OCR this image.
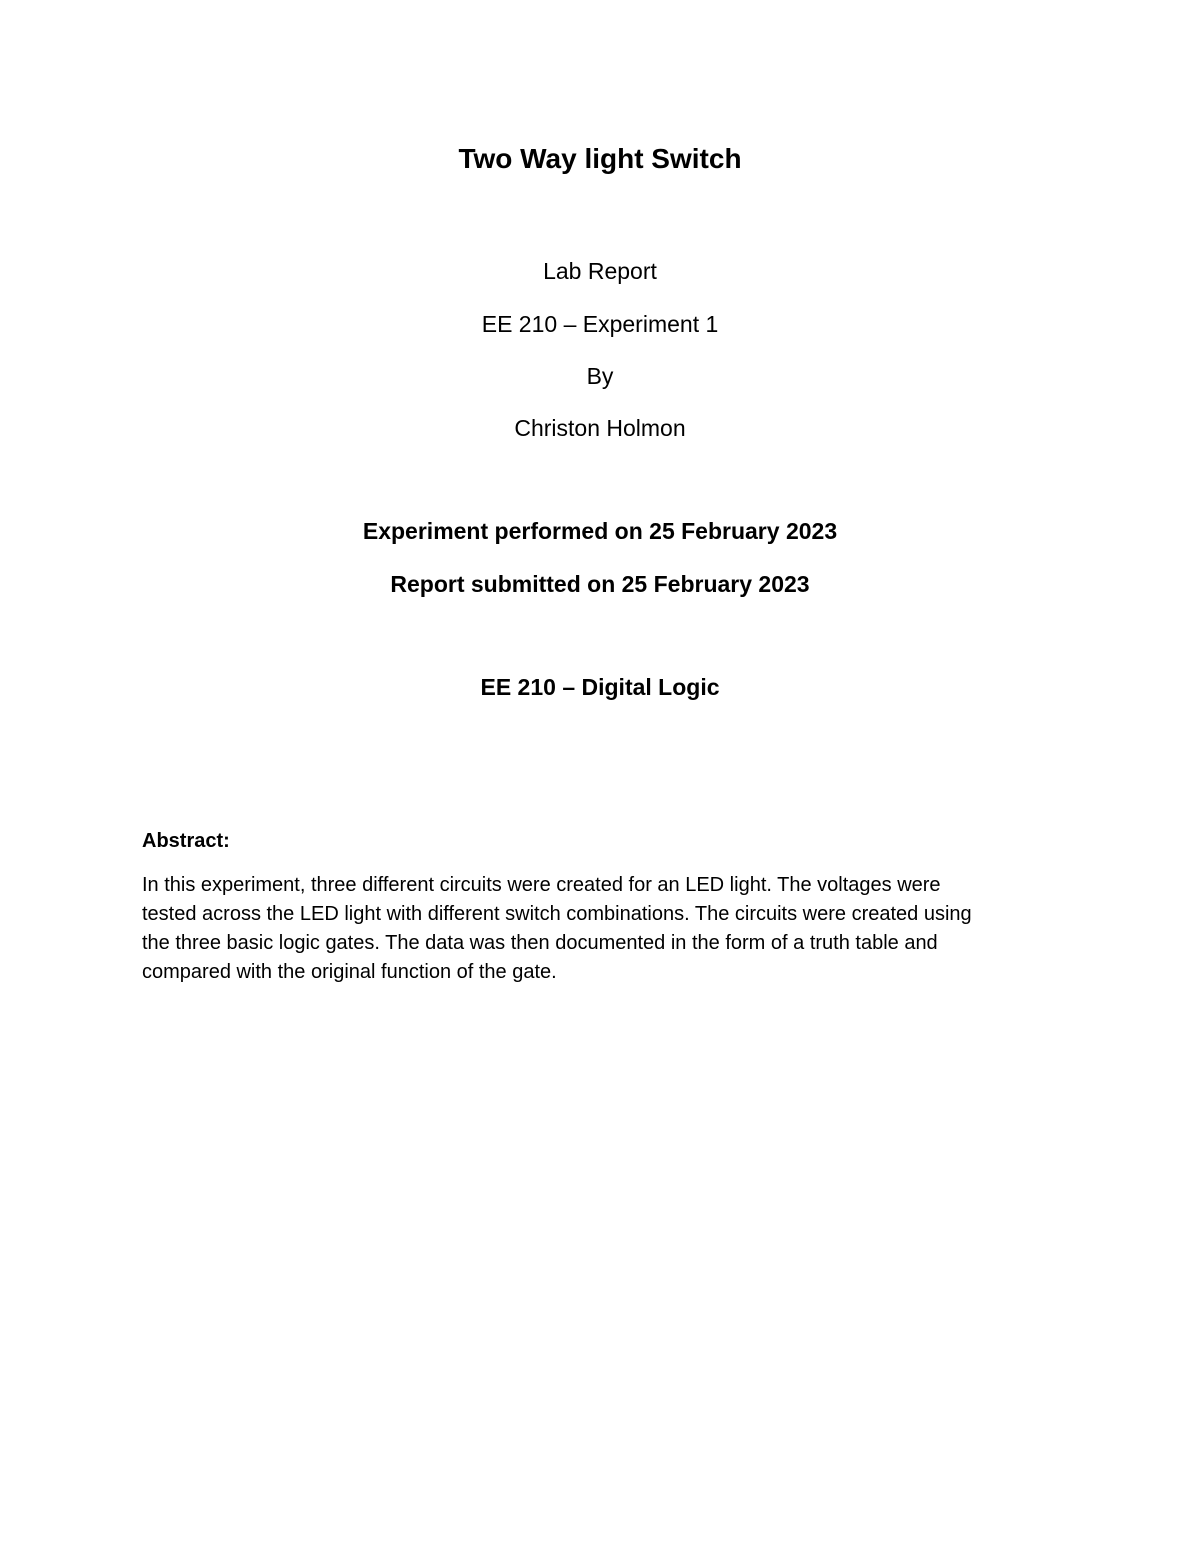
Two Way light Switch
Lab Report
EE 210 – Experiment 1
By
Christon Holmon
Experiment performed on 25 February 2023
Report submitted on 25 February 2023
EE 210 – Digital Logic
Abstract:
In this experiment, three different circuits were created for an LED light. The voltages were
tested across the LED light with different switch combinations. The circuits were created using
the three basic logic gates. The data was then documented in the form of a truth table and
compared with the original function of the gate.
